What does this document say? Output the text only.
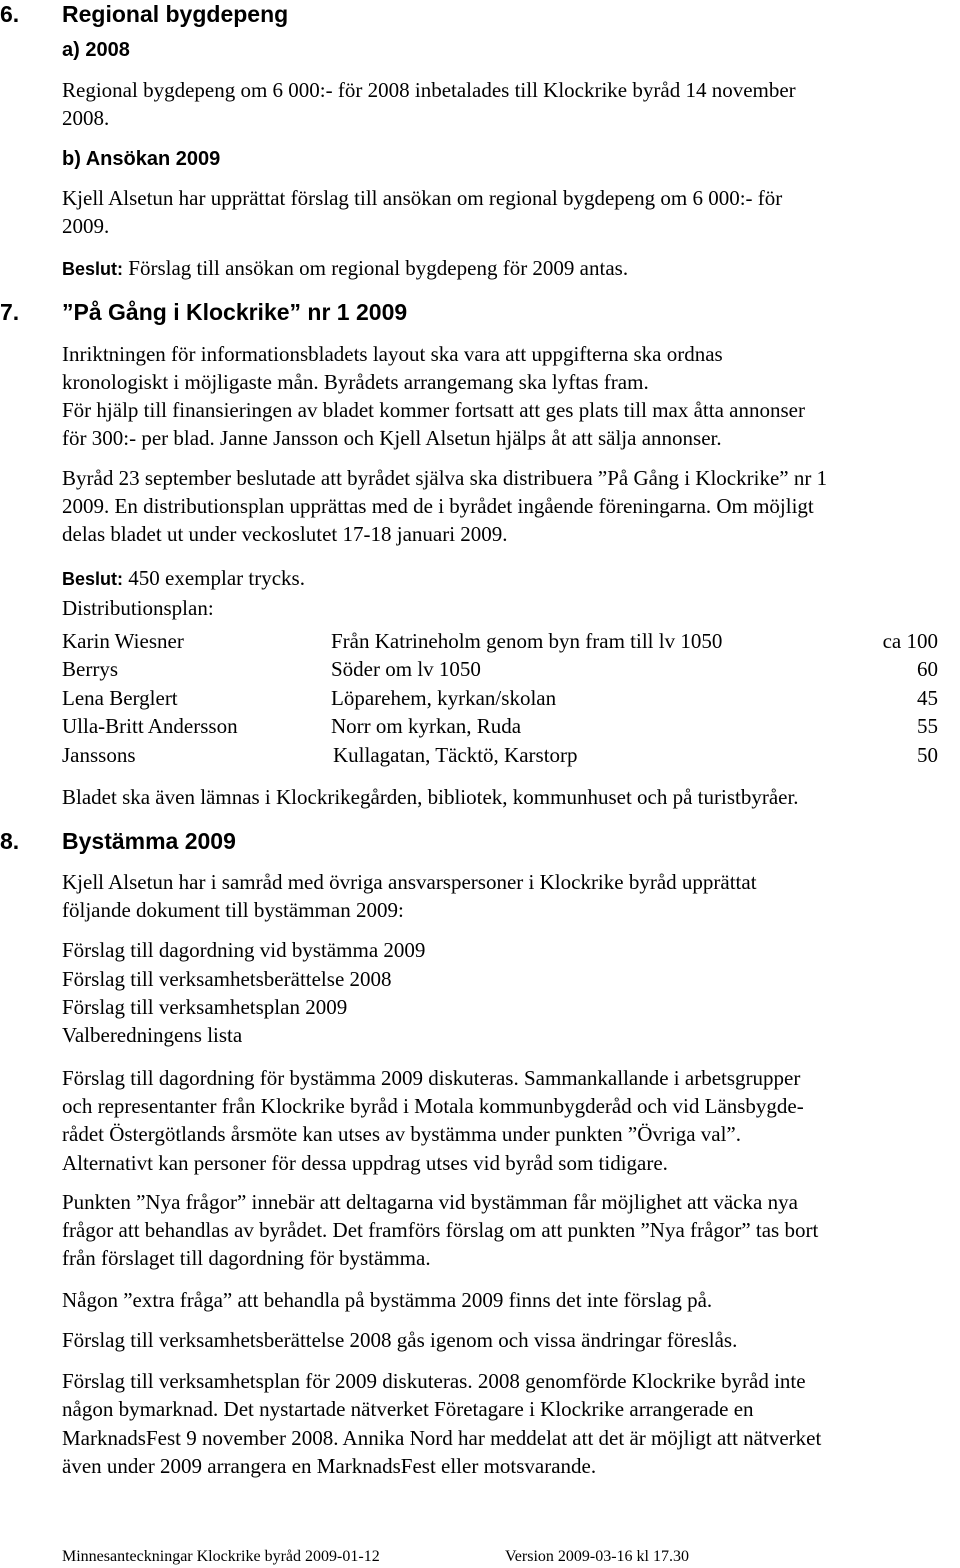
6. Regional bygdepeng
a) 2008
Regional bygdepeng om 6 000:- för 2008 inbetalades till Klockrike byråd 14 november
2008.
b) Ansökan 2009
Kjell Alsetun har upprättat förslag till ansökan om regional bygdepeng om 6 000:- för
2009.
Beslut: Förslag till ansökan om regional bygdepeng för 2009 antas.
7. ”På Gång i Klockrike” nr 1 2009
Inriktningen för informationsbladets layout ska vara att uppgifterna ska ordnas
kronologiskt i möjligaste mån. Byrådets arrangemang ska lyftas fram.
För hjälp till finansieringen av bladet kommer fortsatt att ges plats till max åtta annonser
för 300:- per blad. Janne Jansson och Kjell Alsetun hjälps åt att sälja annonser.
Byråd 23 september beslutade att byrådet själva ska distribuera ”På Gång i Klockrike” nr 1
2009. En distributionsplan upprättas med de i byrådet ingående föreningarna. Om möjligt
delas bladet ut under veckoslutet 17-18 januari 2009.
Beslut: 450 exemplar trycks.
Distributionsplan:
Karin Wiesner	Från Katrineholm genom byn fram till lv 1050	ca 100
Berrys	Söder om lv 1050	60
Lena Berglert	Löparehem, kyrkan/skolan	45
Ulla-Britt Andersson	Norr om kyrkan, Ruda	55
Janssons	Kullagatan, Täcktö, Karstorp	50
Bladet ska även lämnas i Klockrikegården, bibliotek, kommunhuset och på turistbyråer.
8. Bystämma 2009
Kjell Alsetun har i samråd med övriga ansvarspersoner i Klockrike byråd upprättat
följande dokument till bystämman 2009:
Förslag till dagordning vid bystämma 2009
Förslag till verksamhetsberättelse 2008
Förslag till verksamhetsplan 2009
Valberedningens lista
Förslag till dagordning för bystämma 2009 diskuteras. Sammankallande i arbetsgrupper
och representanter från Klockrike byråd i Motala kommunbygderåd och vid Länsbygde-
rådet Östergötlands årsmöte kan utses av bystämma under punkten ”Övriga val”.
Alternativt kan personer för dessa uppdrag utses vid byråd som tidigare.
Punkten ”Nya frågor” innebär att deltagarna vid bystämman får möjlighet att väcka nya
frågor att behandlas av byrådet. Det framförs förslag om att punkten ”Nya frågor” tas bort
från förslaget till dagordning för bystämma.
Någon ”extra fråga” att behandla på bystämma 2009 finns det inte förslag på.
Förslag till verksamhetsberättelse 2008 gås igenom och vissa ändringar föreslås.
Förslag till verksamhetsplan för 2009 diskuteras. 2008 genomförde Klockrike byråd inte
någon bymarknad. Det nystartade nätverket Företagare i Klockrike arrangerade en
MarknadsFest 9 november 2008. Annika Nord har meddelat att det är möjligt att nätverket
även under 2009 arrangera en MarknadsFest eller motsvarande.
Minnesanteckningar Klockrike byråd 2009-01-12	Version 2009-03-16 kl 17.30
